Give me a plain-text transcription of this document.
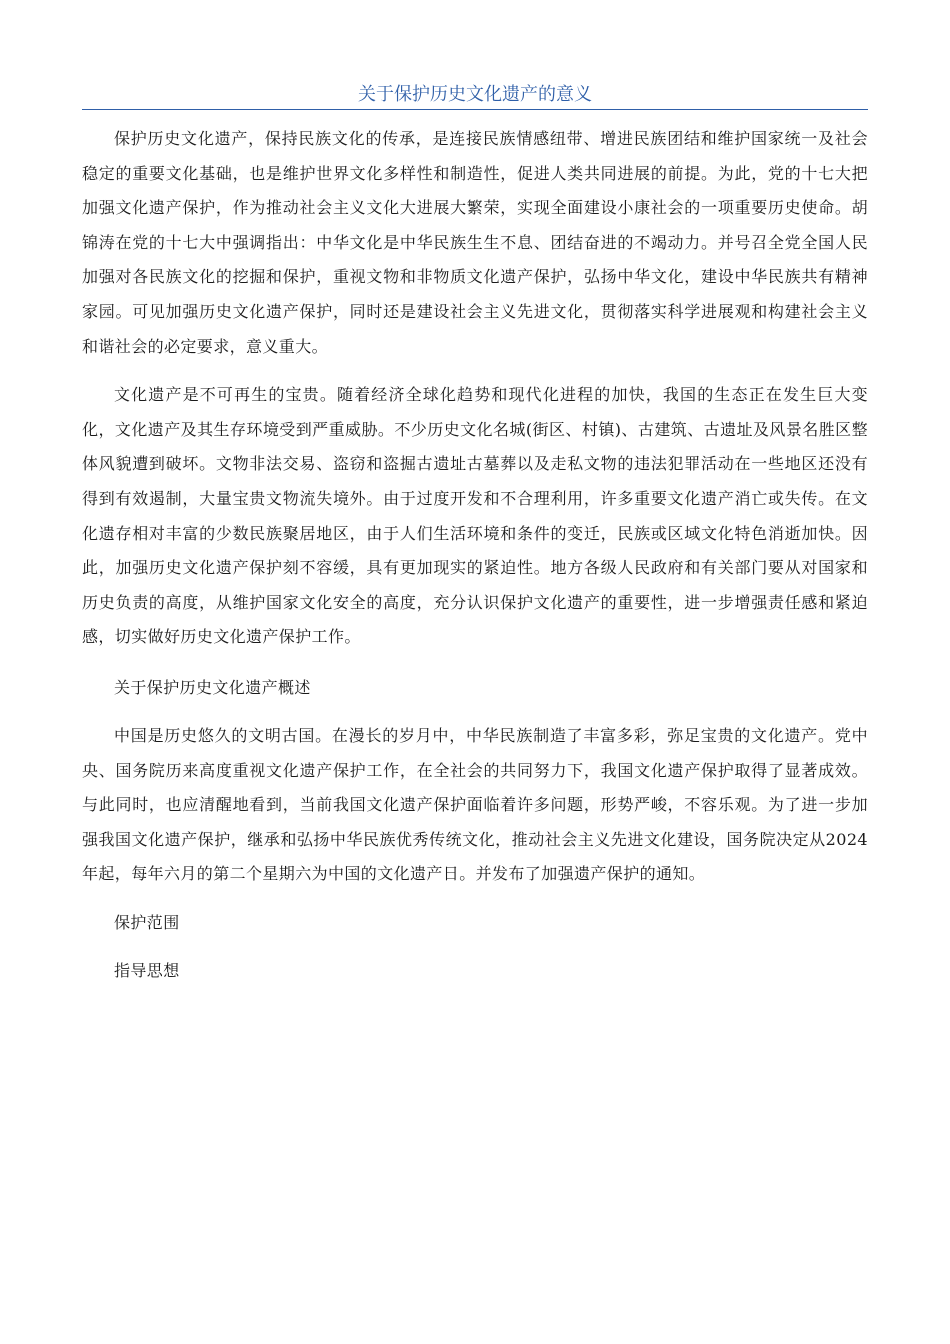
关于保护历史文化遗产的意义

保护历史文化遗产，保持民族文化的传承，是连接民族情感纽带、增进民族团结和维护国家统一及社会稳定的重要文化基础，也是维护世界文化多样性和制造性，促进人类共同进展的前提。为此，党的十七大把加强文化遗产保护，作为推动社会主义文化大进展大繁荣，实现全面建设小康社会的一项重要历史使命。胡锦涛在党的十七大中强调指出：中华文化是中华民族生生不息、团结奋进的不竭动力。并号召全党全国人民加强对各民族文化的挖掘和保护，重视文物和非物质文化遗产保护，弘扬中华文化，建设中华民族共有精神家园。可见加强历史文化遗产保护，同时还是建设社会主义先进文化，贯彻落实科学进展观和构建社会主义和谐社会的必定要求，意义重大。

文化遗产是不可再生的宝贵。随着经济全球化趋势和现代化进程的加快，我国的生态正在发生巨大变化，文化遗产及其生存环境受到严重威胁。不少历史文化名城(街区、村镇)、古建筑、古遗址及风景名胜区整体风貌遭到破坏。文物非法交易、盗窃和盗掘古遗址古墓葬以及走私文物的违法犯罪活动在一些地区还没有得到有效遏制，大量宝贵文物流失境外。由于过度开发和不合理利用，许多重要文化遗产消亡或失传。在文化遗存相对丰富的少数民族聚居地区，由于人们生活环境和条件的变迁，民族或区域文化特色消逝加快。因此，加强历史文化遗产保护刻不容缓，具有更加现实的紧迫性。地方各级人民政府和有关部门要从对国家和历史负责的高度，从维护国家文化安全的高度，充分认识保护文化遗产的重要性，进一步增强责任感和紧迫感，切实做好历史文化遗产保护工作。

关于保护历史文化遗产概述

中国是历史悠久的文明古国。在漫长的岁月中，中华民族制造了丰富多彩，弥足宝贵的文化遗产。党中央、国务院历来高度重视文化遗产保护工作，在全社会的共同努力下，我国文化遗产保护取得了显著成效。与此同时，也应清醒地看到，当前我国文化遗产保护面临着许多问题，形势严峻，不容乐观。为了进一步加强我国文化遗产保护，继承和弘扬中华民族优秀传统文化，推动社会主义先进文化建设，国务院决定从2024年起，每年六月的第二个星期六为中国的文化遗产日。并发布了加强遗产保护的通知。

保护范围

指导思想
